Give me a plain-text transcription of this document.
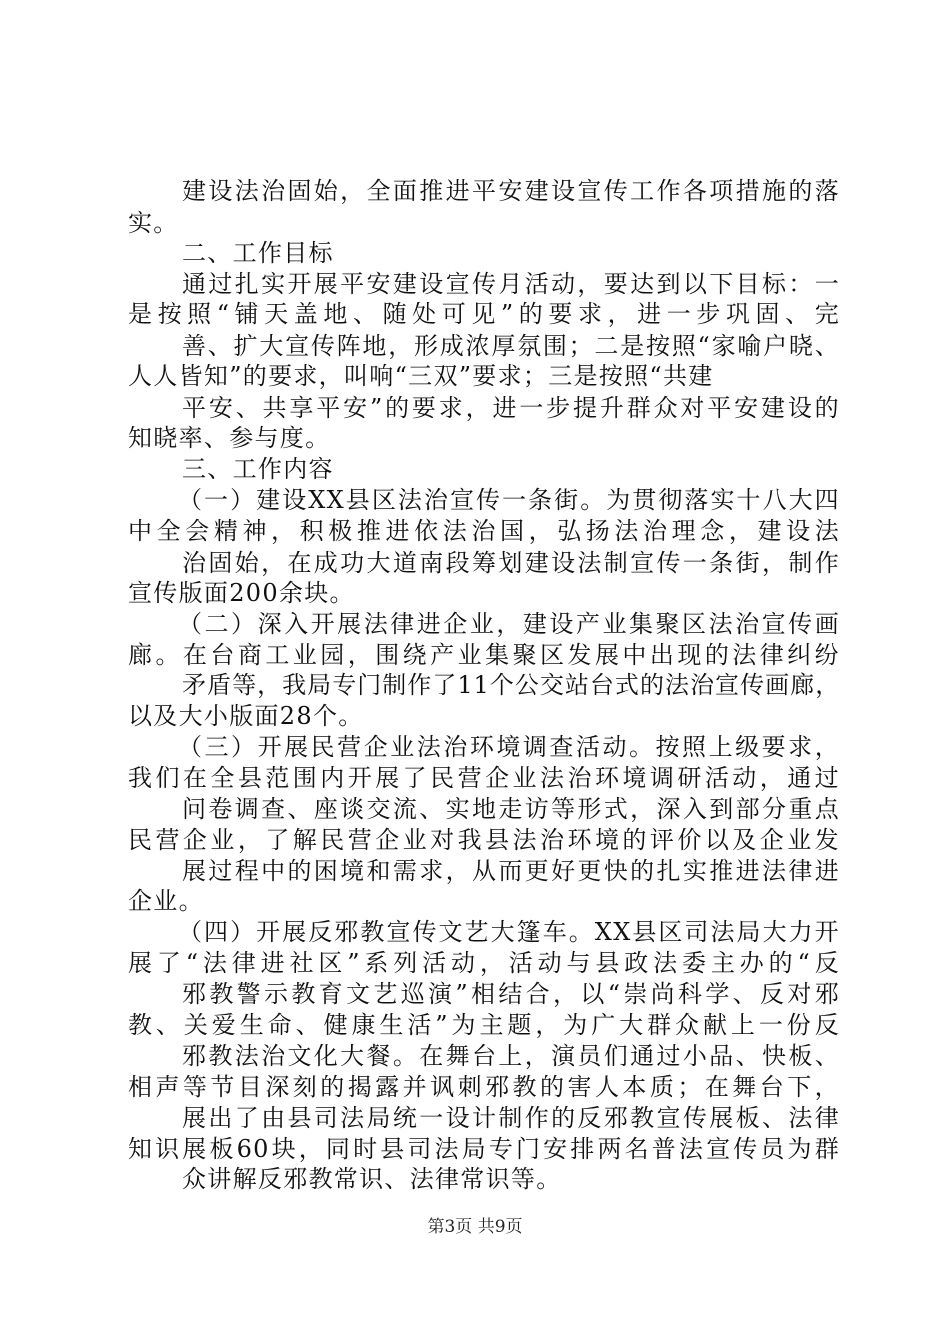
建设法治固始，全面推进平安建设宣传工作各项措施的落
实。
二、工作目标
通过扎实开展平安建设宣传月活动，要达到以下目标：一
是按照“铺天盖地、随处可见”的要求，进一步巩固、完
善、扩大宣传阵地，形成浓厚氛围；二是按照“家喻户晓、
人人皆知”的要求，叫响“三双”要求；三是按照“共建
平安、共享平安”的要求，进一步提升群众对平安建设的
知晓率、参与度。
三、工作内容
（一）建设XX县区法治宣传一条街。为贯彻落实十八大四
中全会精神，积极推进依法治国，弘扬法治理念，建设法
治固始，在成功大道南段筹划建设法制宣传一条街，制作
宣传版面200余块。
（二）深入开展法律进企业，建设产业集聚区法治宣传画
廊。在台商工业园，围绕产业集聚区发展中出现的法律纠纷
矛盾等，我局专门制作了11个公交站台式的法治宣传画廊，
以及大小版面28个。
（三）开展民营企业法治环境调查活动。按照上级要求，
我们在全县范围内开展了民营企业法治环境调研活动，通过
问卷调查、座谈交流、实地走访等形式，深入到部分重点
民营企业，了解民营企业对我县法治环境的评价以及企业发
展过程中的困境和需求，从而更好更快的扎实推进法律进
企业。
（四）开展反邪教宣传文艺大篷车。XX县区司法局大力开
展了“法律进社区”系列活动，活动与县政法委主办的“反
邪教警示教育文艺巡演”相结合，以“崇尚科学、反对邪
教、关爱生命、健康生活”为主题，为广大群众献上一份反
邪教法治文化大餐。在舞台上，演员们通过小品、快板、
相声等节目深刻的揭露并讽刺邪教的害人本质；在舞台下，
展出了由县司法局统一设计制作的反邪教宣传展板、法律
知识展板60块，同时县司法局专门安排两名普法宣传员为群
众讲解反邪教常识、法律常识等。
第3页 共9页
